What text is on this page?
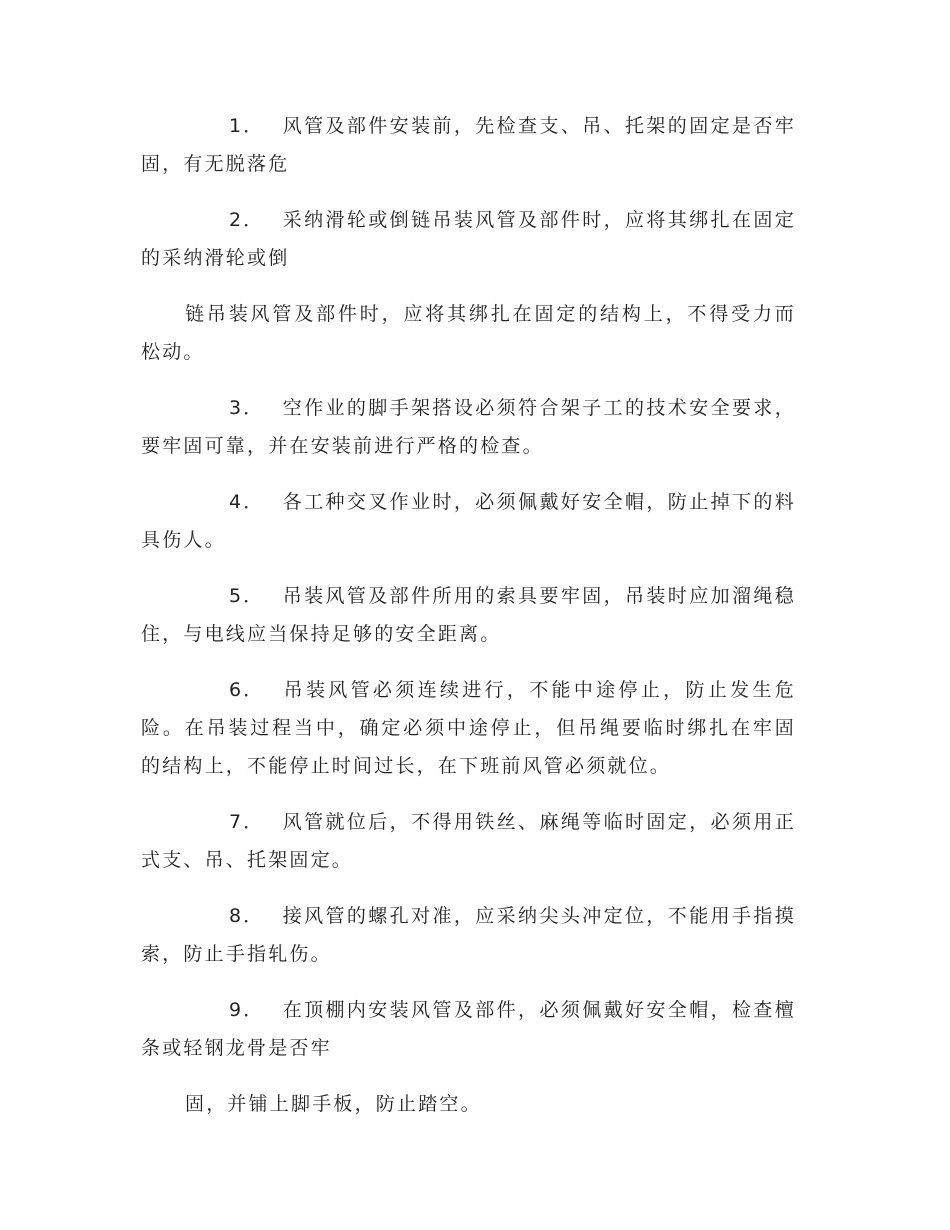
1． 风管及部件安装前，先检查支、吊、托架的固定是否牢固，有无脱落危

2． 采纳滑轮或倒链吊装风管及部件时，应将其绑扎在固定的采纳滑轮或倒

链吊装风管及部件时，应将其绑扎在固定的结构上，不得受力而松动。

3． 空作业的脚手架搭设必须符合架子工的技术安全要求，要牢固可靠，并在安装前进行严格的检查。

4． 各工种交叉作业时，必须佩戴好安全帽，防止掉下的料具伤人。

5． 吊装风管及部件所用的索具要牢固，吊装时应加溜绳稳住，与电线应当保持足够的安全距离。

6． 吊装风管必须连续进行，不能中途停止，防止发生危险。在吊装过程当中，确定必须中途停止，但吊绳要临时绑扎在牢固的结构上，不能停止时间过长，在下班前风管必须就位。

7． 风管就位后，不得用铁丝、麻绳等临时固定，必须用正式支、吊、托架固定。

8． 接风管的螺孔对准，应采纳尖头冲定位，不能用手指摸索，防止手指轧伤。

9． 在顶棚内安装风管及部件，必须佩戴好安全帽，检查檀条或轻钢龙骨是否牢

固，并铺上脚手板，防止踏空。
